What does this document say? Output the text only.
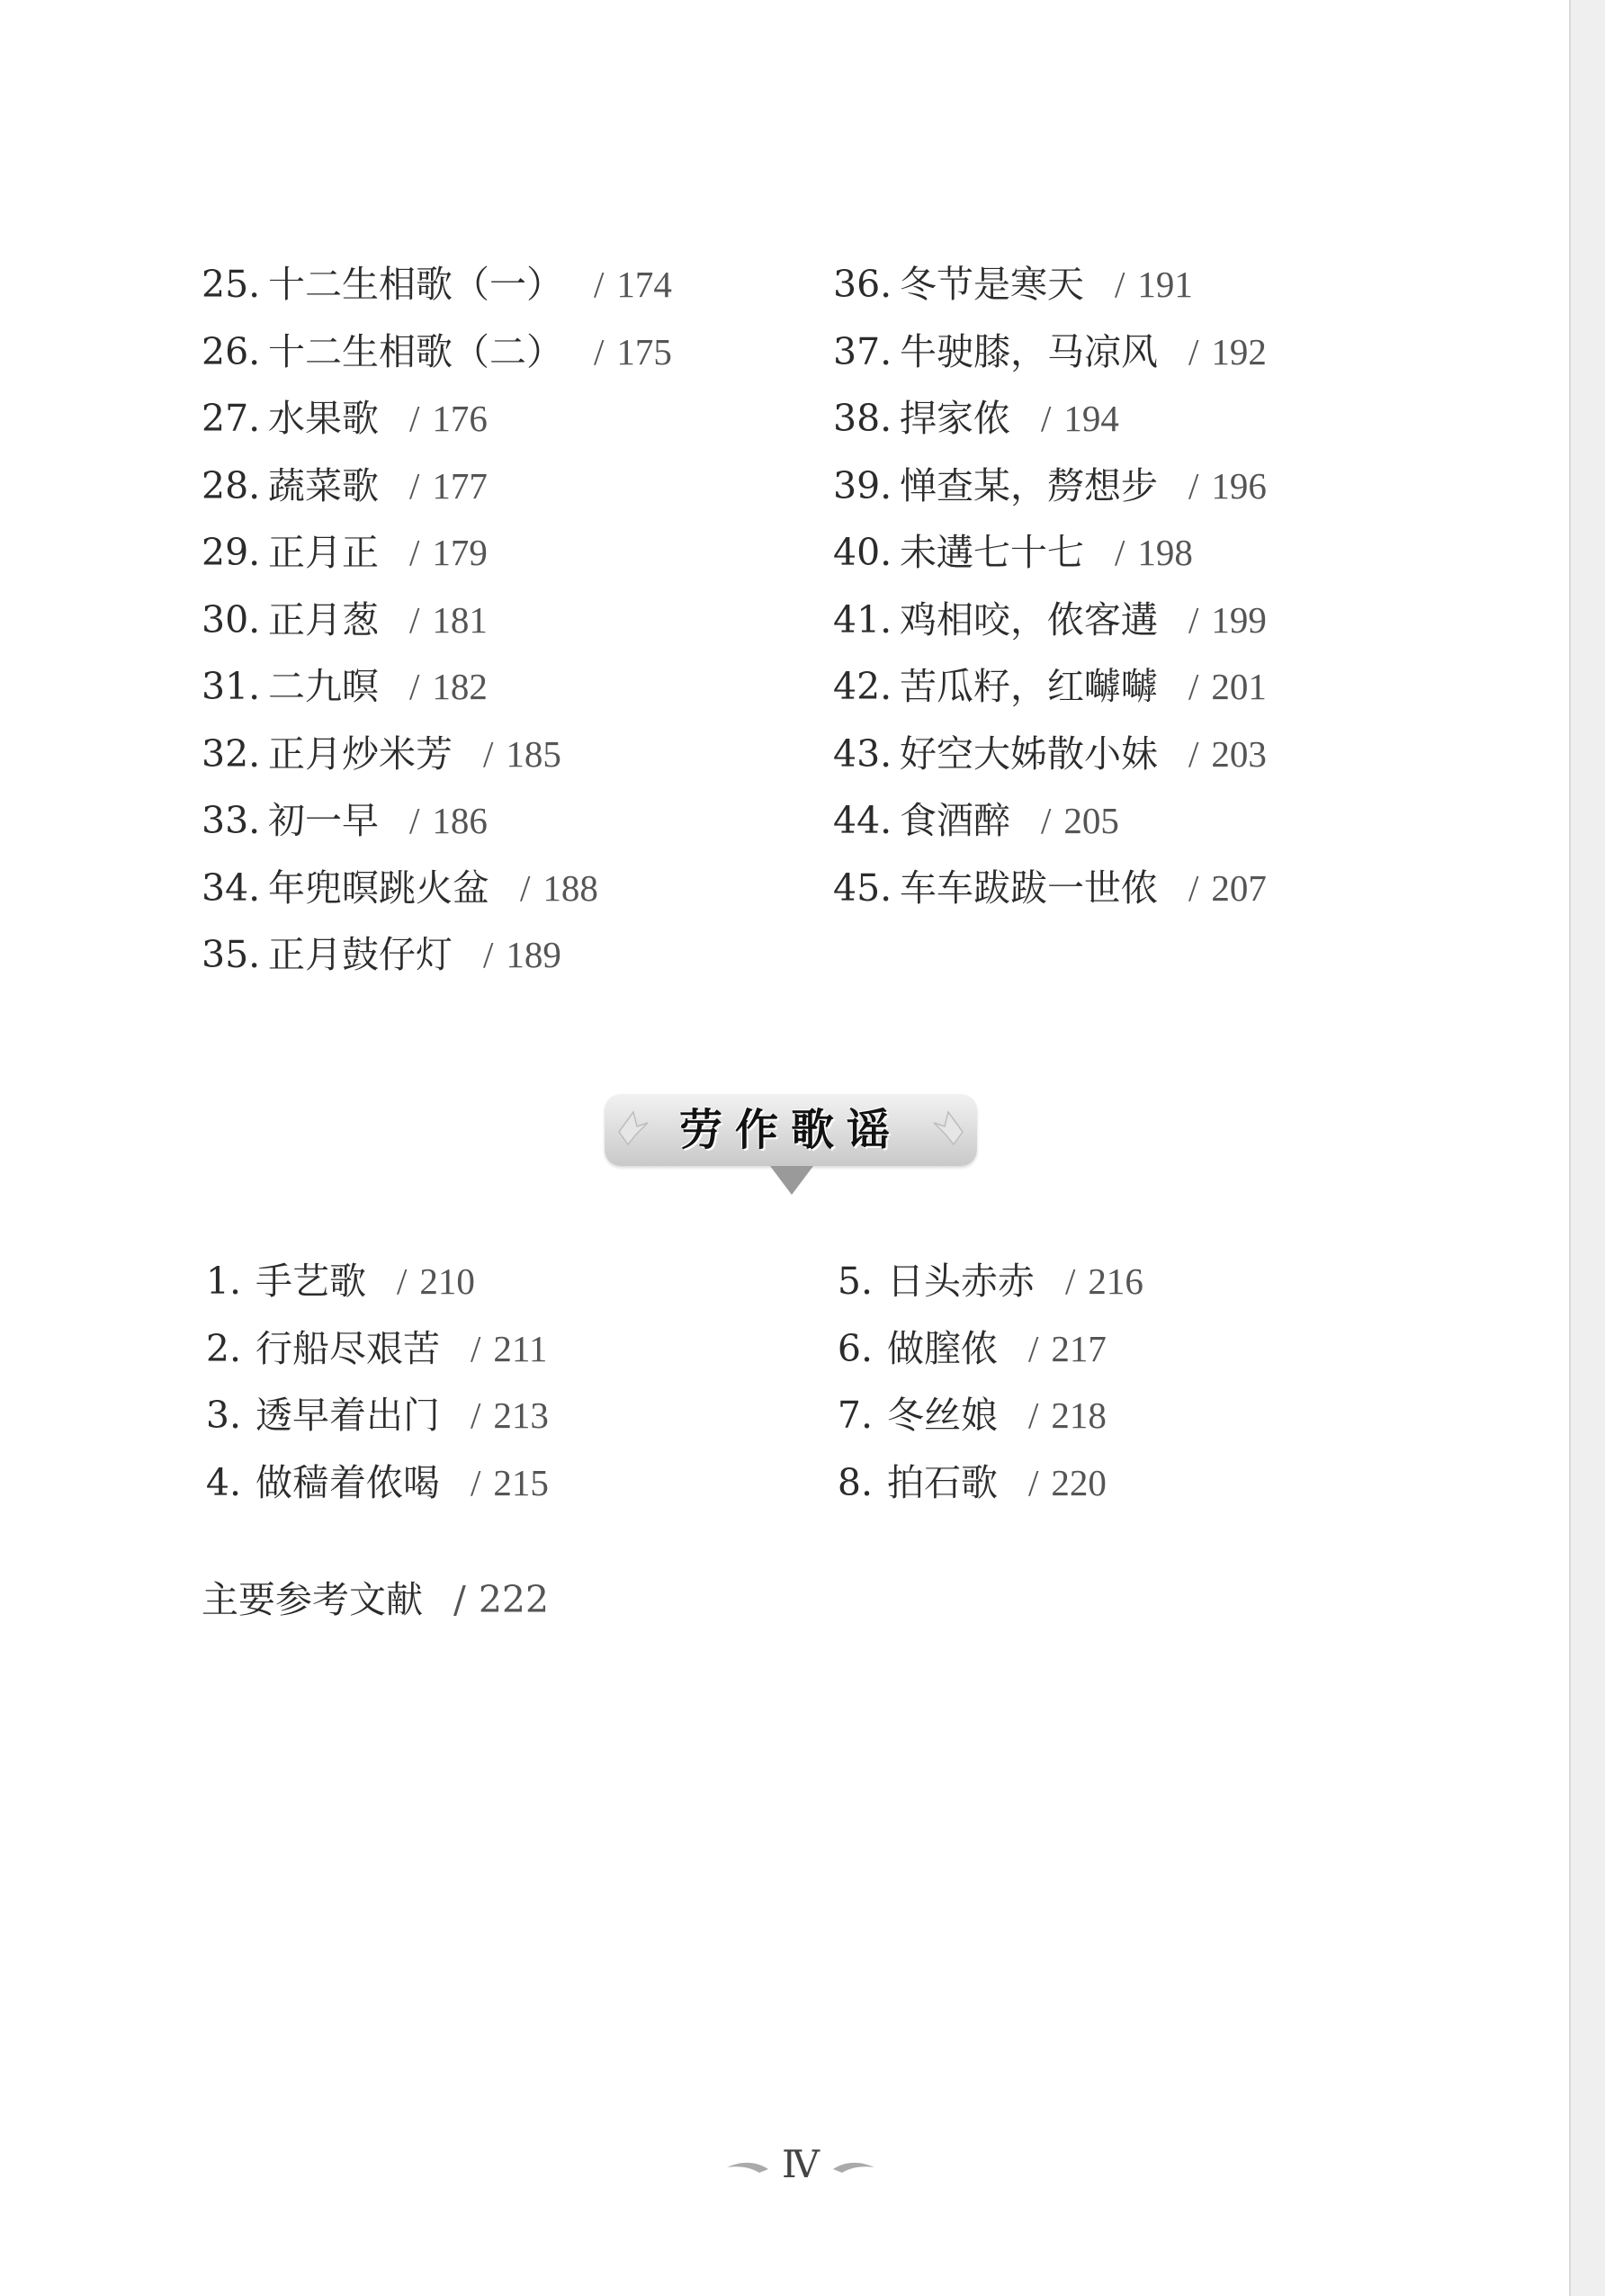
25. 十二生相歌（一） / 174
26. 十二生相歌（二） / 175
27. 水果歌 / 176
28. 蔬菜歌 / 177
29. 正月正 / 179
30. 正月葱 / 181
31. 二九暝 / 182
32. 正月炒米芳 / 185
33. 初一早 / 186
34. 年兜暝跳火盆 / 188
35. 正月鼓仔灯 / 189
36. 冬节是寒天 / 191
37. 牛驶膝，马凉风 / 192
38. 捍家侬 / 194
39. 惮查某，剺想步 / 196
40. 未遘七十七 / 198
41. 鸡相咬，侬客遘 / 199
42. 苦瓜籽，红嚹嚹 / 201
43. 好空大姊散小妹 / 203
44. 食酒醉 / 205
45. 车车跋跋一世侬 / 207
劳作歌谣
1. 手艺歌 / 210
2. 行船尽艰苦 / 211
3. 透早着出门 / 213
4. 做穑着侬喝 / 215
5. 日头赤赤 / 216
6. 做膣侬 / 217
7. 冬丝娘 / 218
8. 拍石歌 / 220
主要参考文献 / 222
Ⅳ
